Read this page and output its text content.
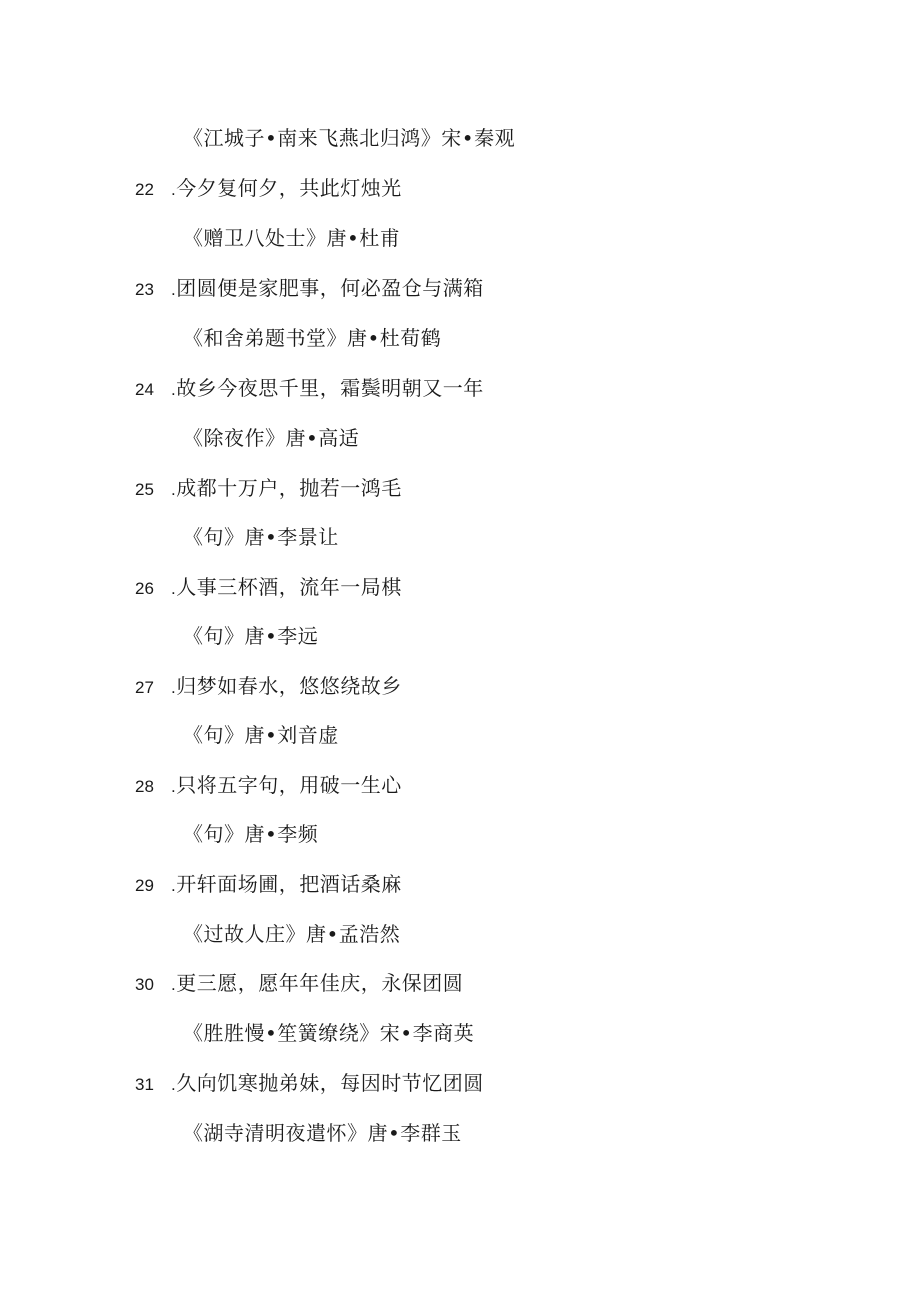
《江城子•南来飞燕北归鸿》宋•秦观
22 .今夕复何夕，共此灯烛光
《赠卫八处士》唐•杜甫
23 .团圆便是家肥事，何必盈仓与满箱
《和舍弟题书堂》唐•杜荀鹤
24 .故乡今夜思千里，霜鬓明朝又一年
《除夜作》唐•高适
25 .成都十万户，抛若一鸿毛
《句》唐•李景让
26 .人事三杯酒，流年一局棋
《句》唐•李远
27 .归梦如春水，悠悠绕故乡
《句》唐•刘音虚
28 .只将五字句，用破一生心
《句》唐•李频
29 .开轩面场圃，把酒话桑麻
《过故人庄》唐•孟浩然
30 .更三愿，愿年年佳庆，永保团圆
《胜胜慢•笙簧缭绕》宋•李商英
31 .久向饥寒抛弟妹，每因时节忆团圆
《湖寺清明夜遣怀》唐•李群玉
